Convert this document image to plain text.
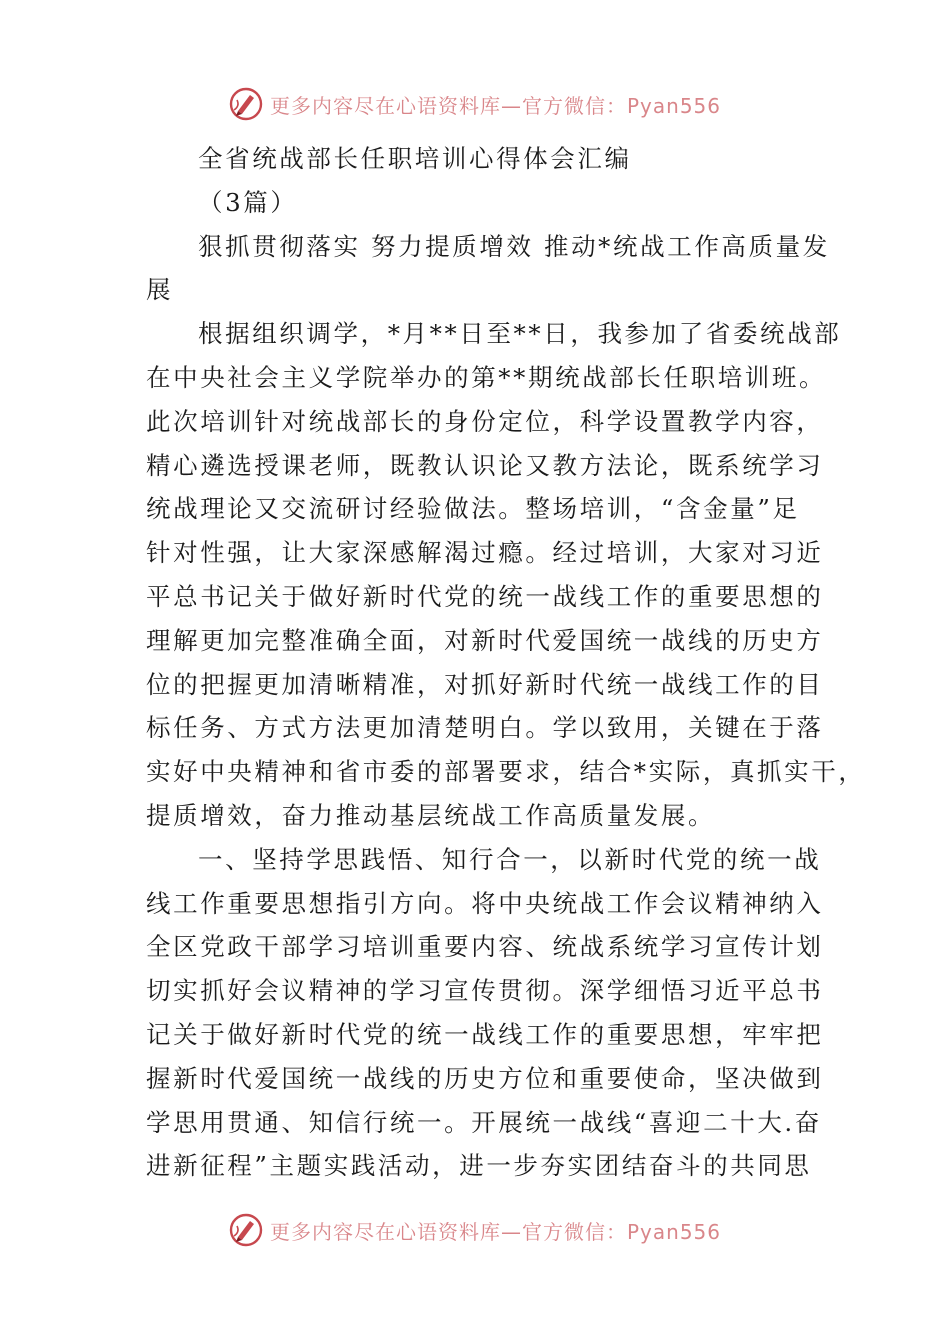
更多内容尽在心语资料库—官方微信：Pyan556
全省统战部长任职培训心得体会汇编
（3篇）
狠抓贯彻落实 努力提质增效 推动*统战工作高质量发
展
根据组织调学，*月**日至**日，我参加了省委统战部
在中央社会主义学院举办的第**期统战部长任职培训班。
此次培训针对统战部长的身份定位，科学设置教学内容，
精心遴选授课老师，既教认识论又教方法论，既系统学习
统战理论又交流研讨经验做法。整场培训，“含金量”足
针对性强，让大家深感解渴过瘾。经过培训，大家对习近
平总书记关于做好新时代党的统一战线工作的重要思想的
理解更加完整准确全面，对新时代爱国统一战线的历史方
位的把握更加清晰精准，对抓好新时代统一战线工作的目
标任务、方式方法更加清楚明白。学以致用，关键在于落
实好中央精神和省市委的部署要求，结合*实际，真抓实干，
提质增效，奋力推动基层统战工作高质量发展。
一、坚持学思践悟、知行合一，以新时代党的统一战
线工作重要思想指引方向。将中央统战工作会议精神纳入
全区党政干部学习培训重要内容、统战系统学习宣传计划
切实抓好会议精神的学习宣传贯彻。深学细悟习近平总书
记关于做好新时代党的统一战线工作的重要思想，牢牢把
握新时代爱国统一战线的历史方位和重要使命，坚决做到
学思用贯通、知信行统一。开展统一战线“喜迎二十大.奋
进新征程”主题实践活动，进一步夯实团结奋斗的共同思
更多内容尽在心语资料库—官方微信：Pyan556
